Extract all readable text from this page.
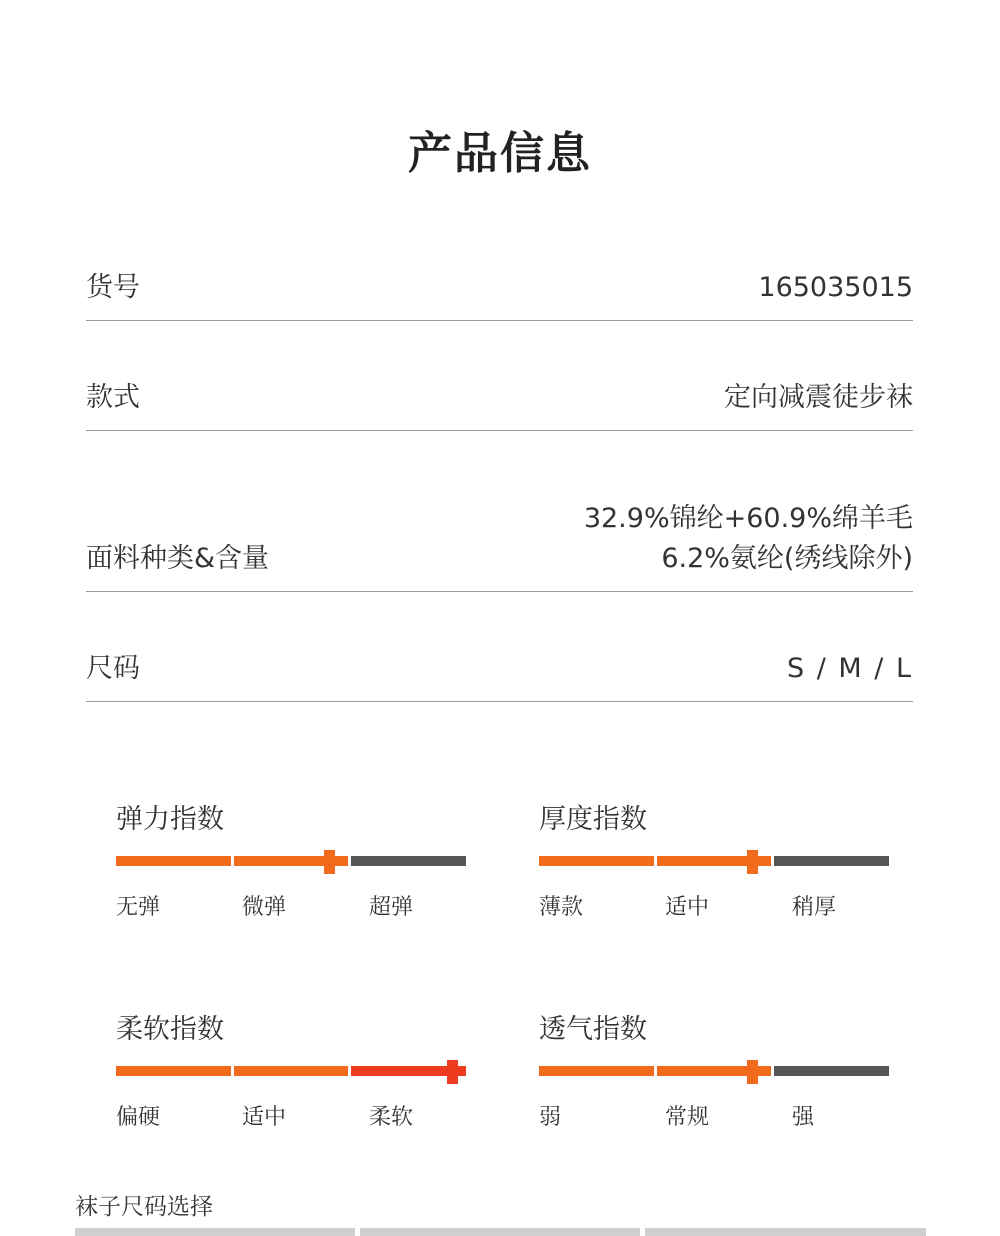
产品信息
货号	165035015
款式	定向减震徒步袜
面料种类&含量
32.9%锦纶+60.9%绵羊毛
6.2%氨纶(绣线除外)
尺码	S / M / L
弹力指数
无弹	微弹	超弹
厚度指数
薄款	适中	稍厚
柔软指数
偏硬	适中	柔软
透气指数
弱	常规	强
袜子尺码选择
